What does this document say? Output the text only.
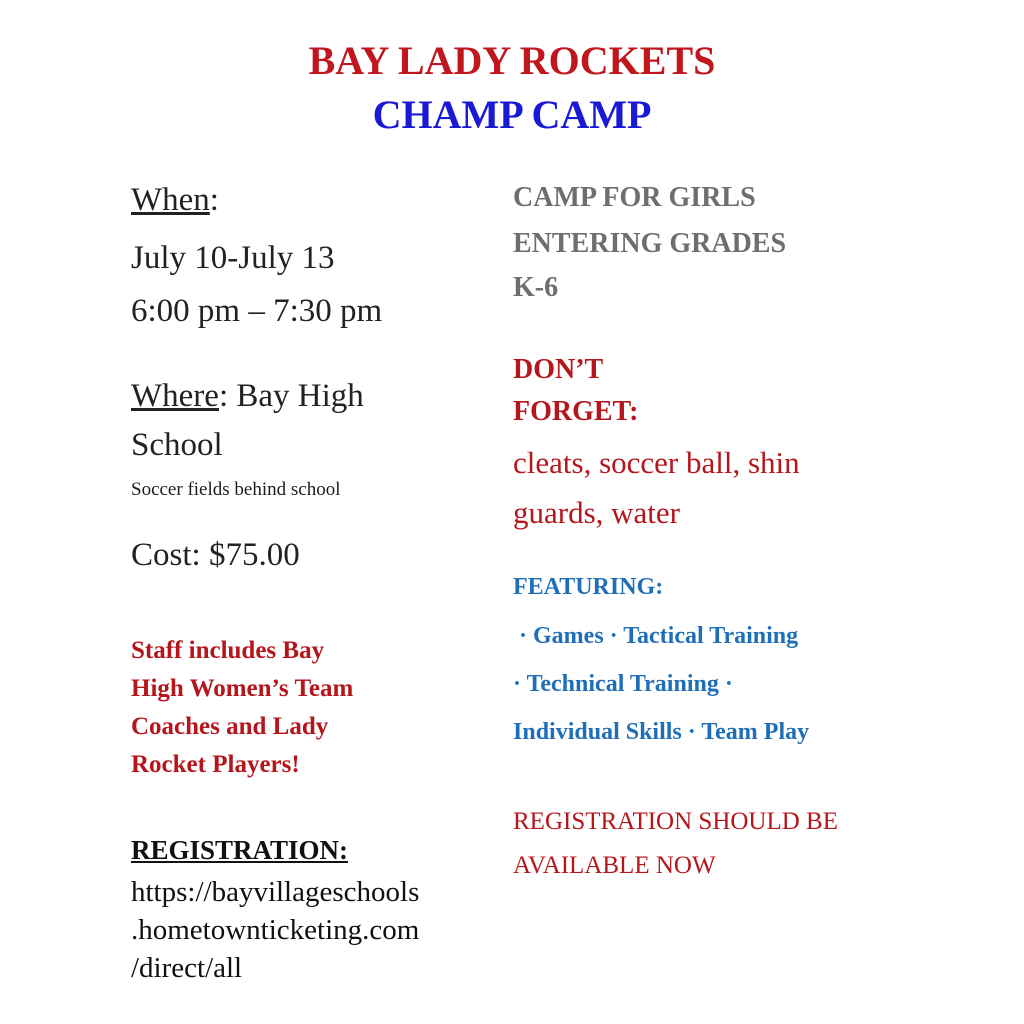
BAY LADY ROCKETS
CHAMP CAMP
When:
July 10-July 13
6:00 pm – 7:30 pm
Where: Bay High
School
Soccer fields behind school
Cost: $75.00
Staff includes Bay
High Women’s Team
Coaches and Lady
Rocket Players!
REGISTRATION:
https://bayvillageschools
.hometownticketing.com
/direct/all
CAMP FOR GIRLS
ENTERING GRADES
K-6
DON’T
FORGET:
cleats, soccer ball, shin
guards, water
FEATURING:
· Games · Tactical Training
· Technical Training ·
Individual Skills · Team Play
REGISTRATION SHOULD BE
AVAILABLE NOW
